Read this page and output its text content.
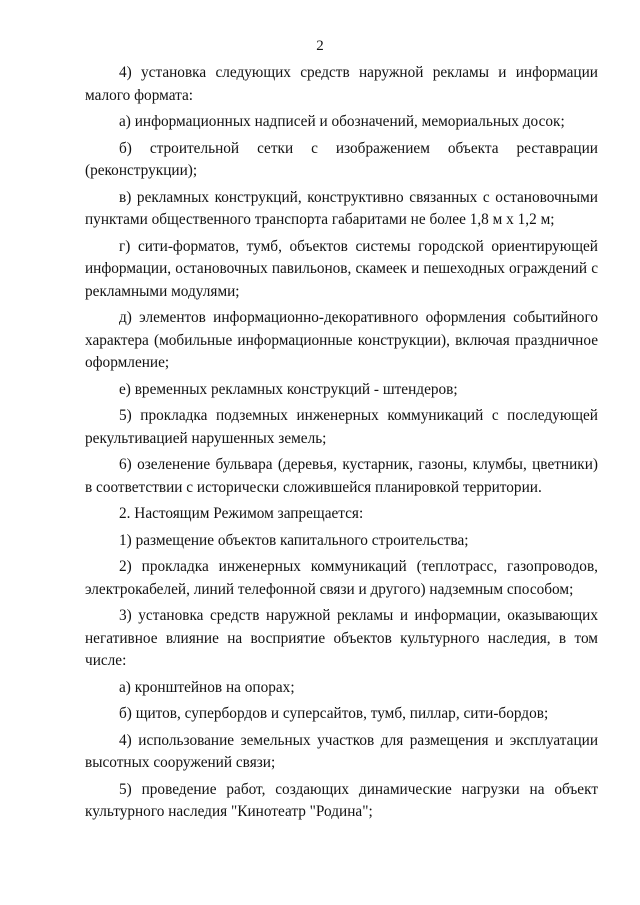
2

4) установка следующих средств наружной рекламы и информации малого формата:

а) информационных надписей и обозначений, мемориальных досок;

б) строительной сетки с изображением объекта реставрации (реконструкции);

в) рекламных конструкций, конструктивно связанных с остановочными пунктами общественного транспорта габаритами не более 1,8 м х 1,2 м;

г) сити-форматов, тумб, объектов системы городской ориентирующей информации, остановочных павильонов, скамеек и пешеходных ограждений с рекламными модулями;

д) элементов информационно-декоративного оформления событийного характера (мобильные информационные конструкции), включая праздничное оформление;

е) временных рекламных конструкций - штендеров;

5) прокладка подземных инженерных коммуникаций с последующей рекультивацией нарушенных земель;

6) озеленение бульвара (деревья, кустарник, газоны, клумбы, цветники) в соответствии с исторически сложившейся планировкой территории.

2. Настоящим Режимом запрещается:

1) размещение объектов капитального строительства;

2) прокладка инженерных коммуникаций (теплотрасс, газопроводов, электрокабелей, линий телефонной связи и другого) надземным способом;

3) установка средств наружной рекламы и информации, оказывающих негативное влияние на восприятие объектов культурного наследия, в том числе:

а) кронштейнов на опорах;

б) щитов, супербордов и суперсайтов, тумб, пиллар, сити-бордов;

4) использование земельных участков для размещения и эксплуатации высотных сооружений связи;

5) проведение работ, создающих динамические нагрузки на объект культурного наследия "Кинотеатр "Родина";
